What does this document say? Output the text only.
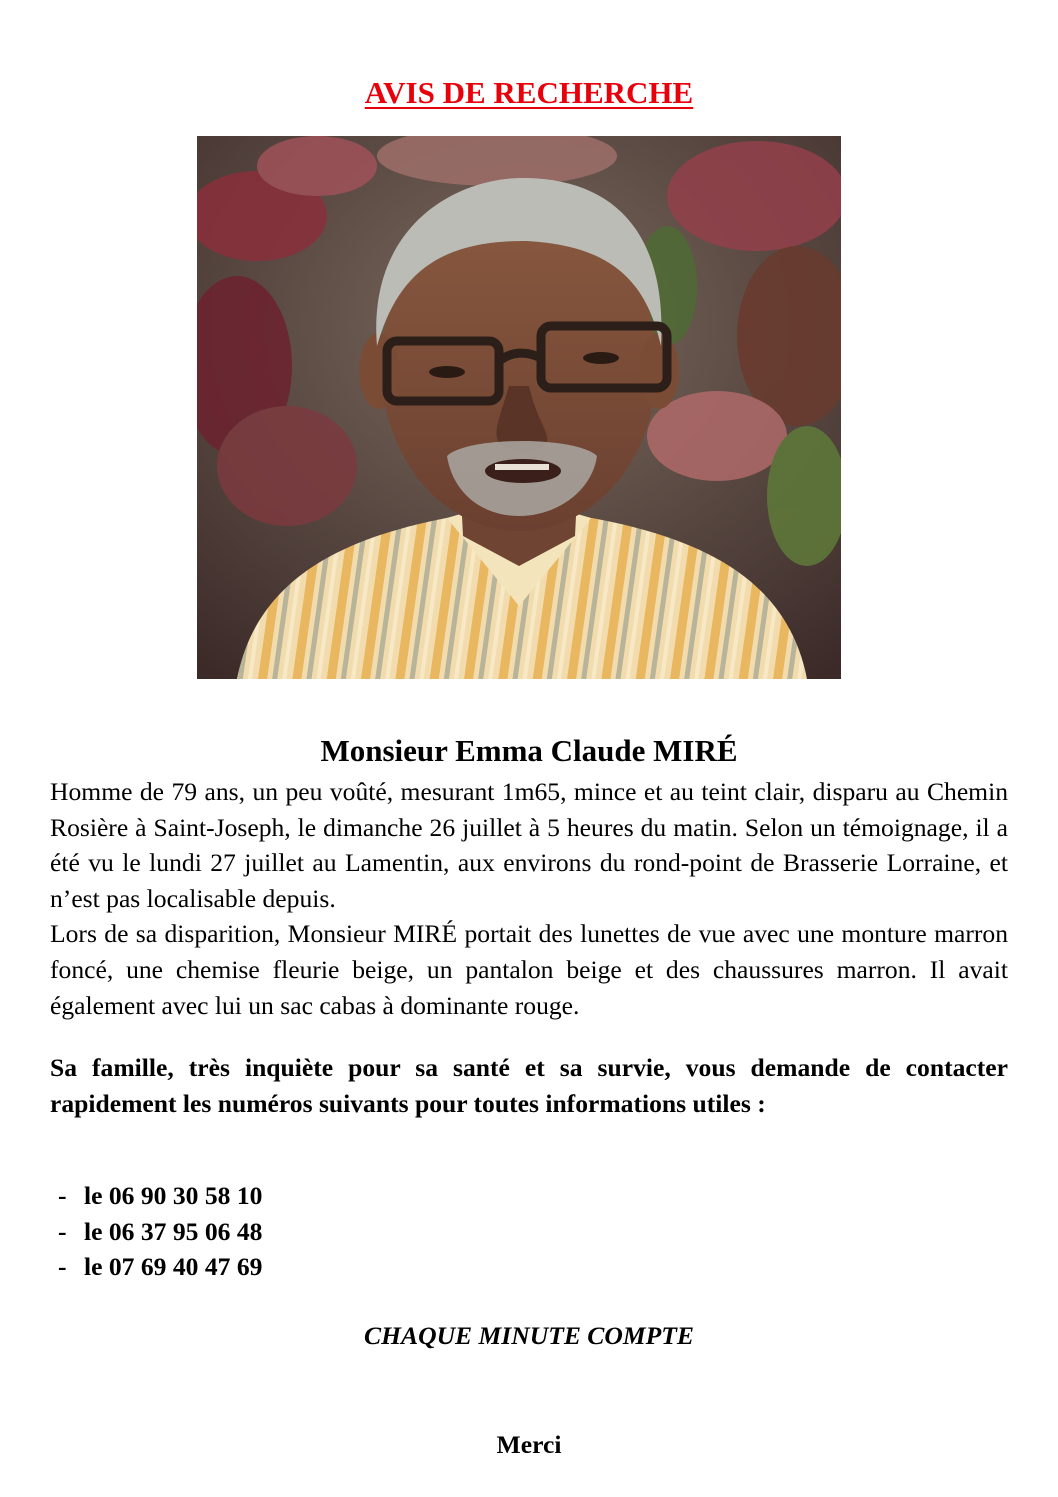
AVIS DE RECHERCHE
Monsieur Emma Claude MIRÉ

Homme de 79 ans, un peu voûté, mesurant 1m65, mince et au teint clair, disparu au Chemin Rosière à Saint-Joseph, le dimanche 26 juillet à 5 heures du matin. Selon un témoignage, il a été vu le lundi 27 juillet au Lamentin, aux environs du rond-point de Brasserie Lorraine, et n’est pas localisable depuis.

Lors de sa disparition, Monsieur MIRÉ portait des lunettes de vue avec une monture marron foncé, une chemise fleurie beige, un pantalon beige et des chaussures marron. Il avait également avec lui un sac cabas à dominante rouge.

Sa famille, très inquiète pour sa santé et sa survie, vous demande de contacter rapidement les numéros suivants pour toutes informations utiles :

- le 06 90 30 58 10
- le 06 37 95 06 48
- le 07 69 40 47 69
CHAQUE MINUTE COMPTE
Merci
